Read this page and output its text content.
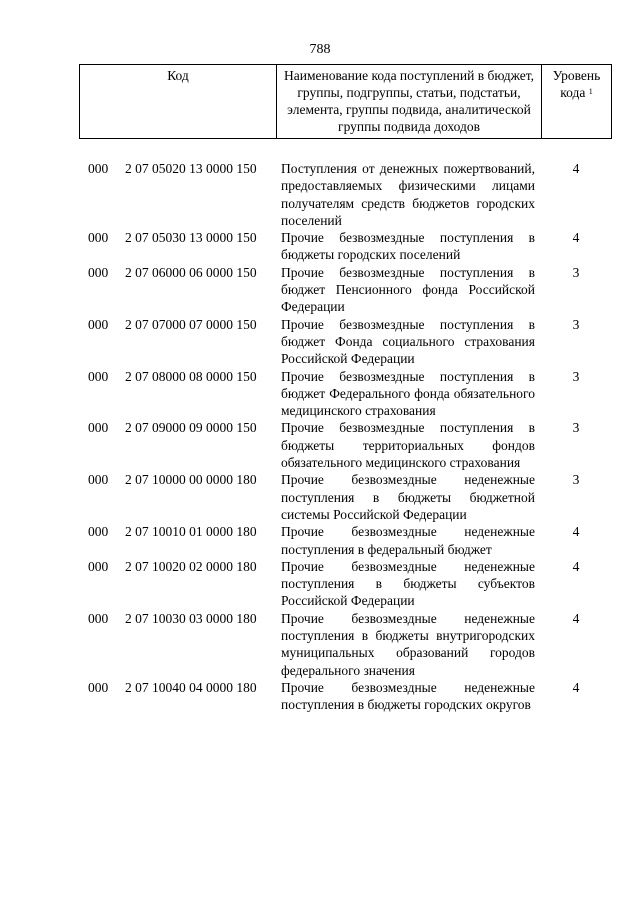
788
Код	Наименование кода поступлений в бюджет, группы, подгруппы, статьи, подстатьи, элемента, группы подвида, аналитической группы подвида доходов
Уровень кода $^1$
000 2 07 05020 13 0000 150 Поступления от денежных пожертвований, предоставляемых физическими лицами получателям средств бюджетов городских поселений
4
000 2 07 05030 13 0000 150 Прочие безвозмездные поступления в бюджеты городских поселений
4
000 2 07 06000 06 0000 150 Прочие безвозмездные поступления в бюджет Пенсионного фонда Российской Федерации
3
000 2 07 07000 07 0000 150 Прочие безвозмездные поступления в бюджет Фонда социального страхования Российской Федерации
3
000 2 07 08000 08 0000 150 Прочие безвозмездные поступления в бюджет Федерального фонда обязательного медицинского страхования
3
000 2 07 09000 09 0000 150 Прочие безвозмездные поступления в бюджеты территориальных фондов обязательного медицинского страхования
3
000 2 07 10000 00 0000 180 Прочие безвозмездные неденежные поступления в бюджеты бюджетной системы Российской Федерации
3
000 2 07 10010 01 0000 180 Прочие безвозмездные неденежные поступления в федеральный бюджет
4
000 2 07 10020 02 0000 180 Прочие безвозмездные неденежные поступления в бюджеты субъектов Российской Федерации
4
000 2 07 10030 03 0000 180 Прочие безвозмездные неденежные поступления в бюджеты внутригородских муниципальных образований городов федерального значения
4
000 2 07 10040 04 0000 180 Прочие безвозмездные неденежные поступления в бюджеты городских округов
4
